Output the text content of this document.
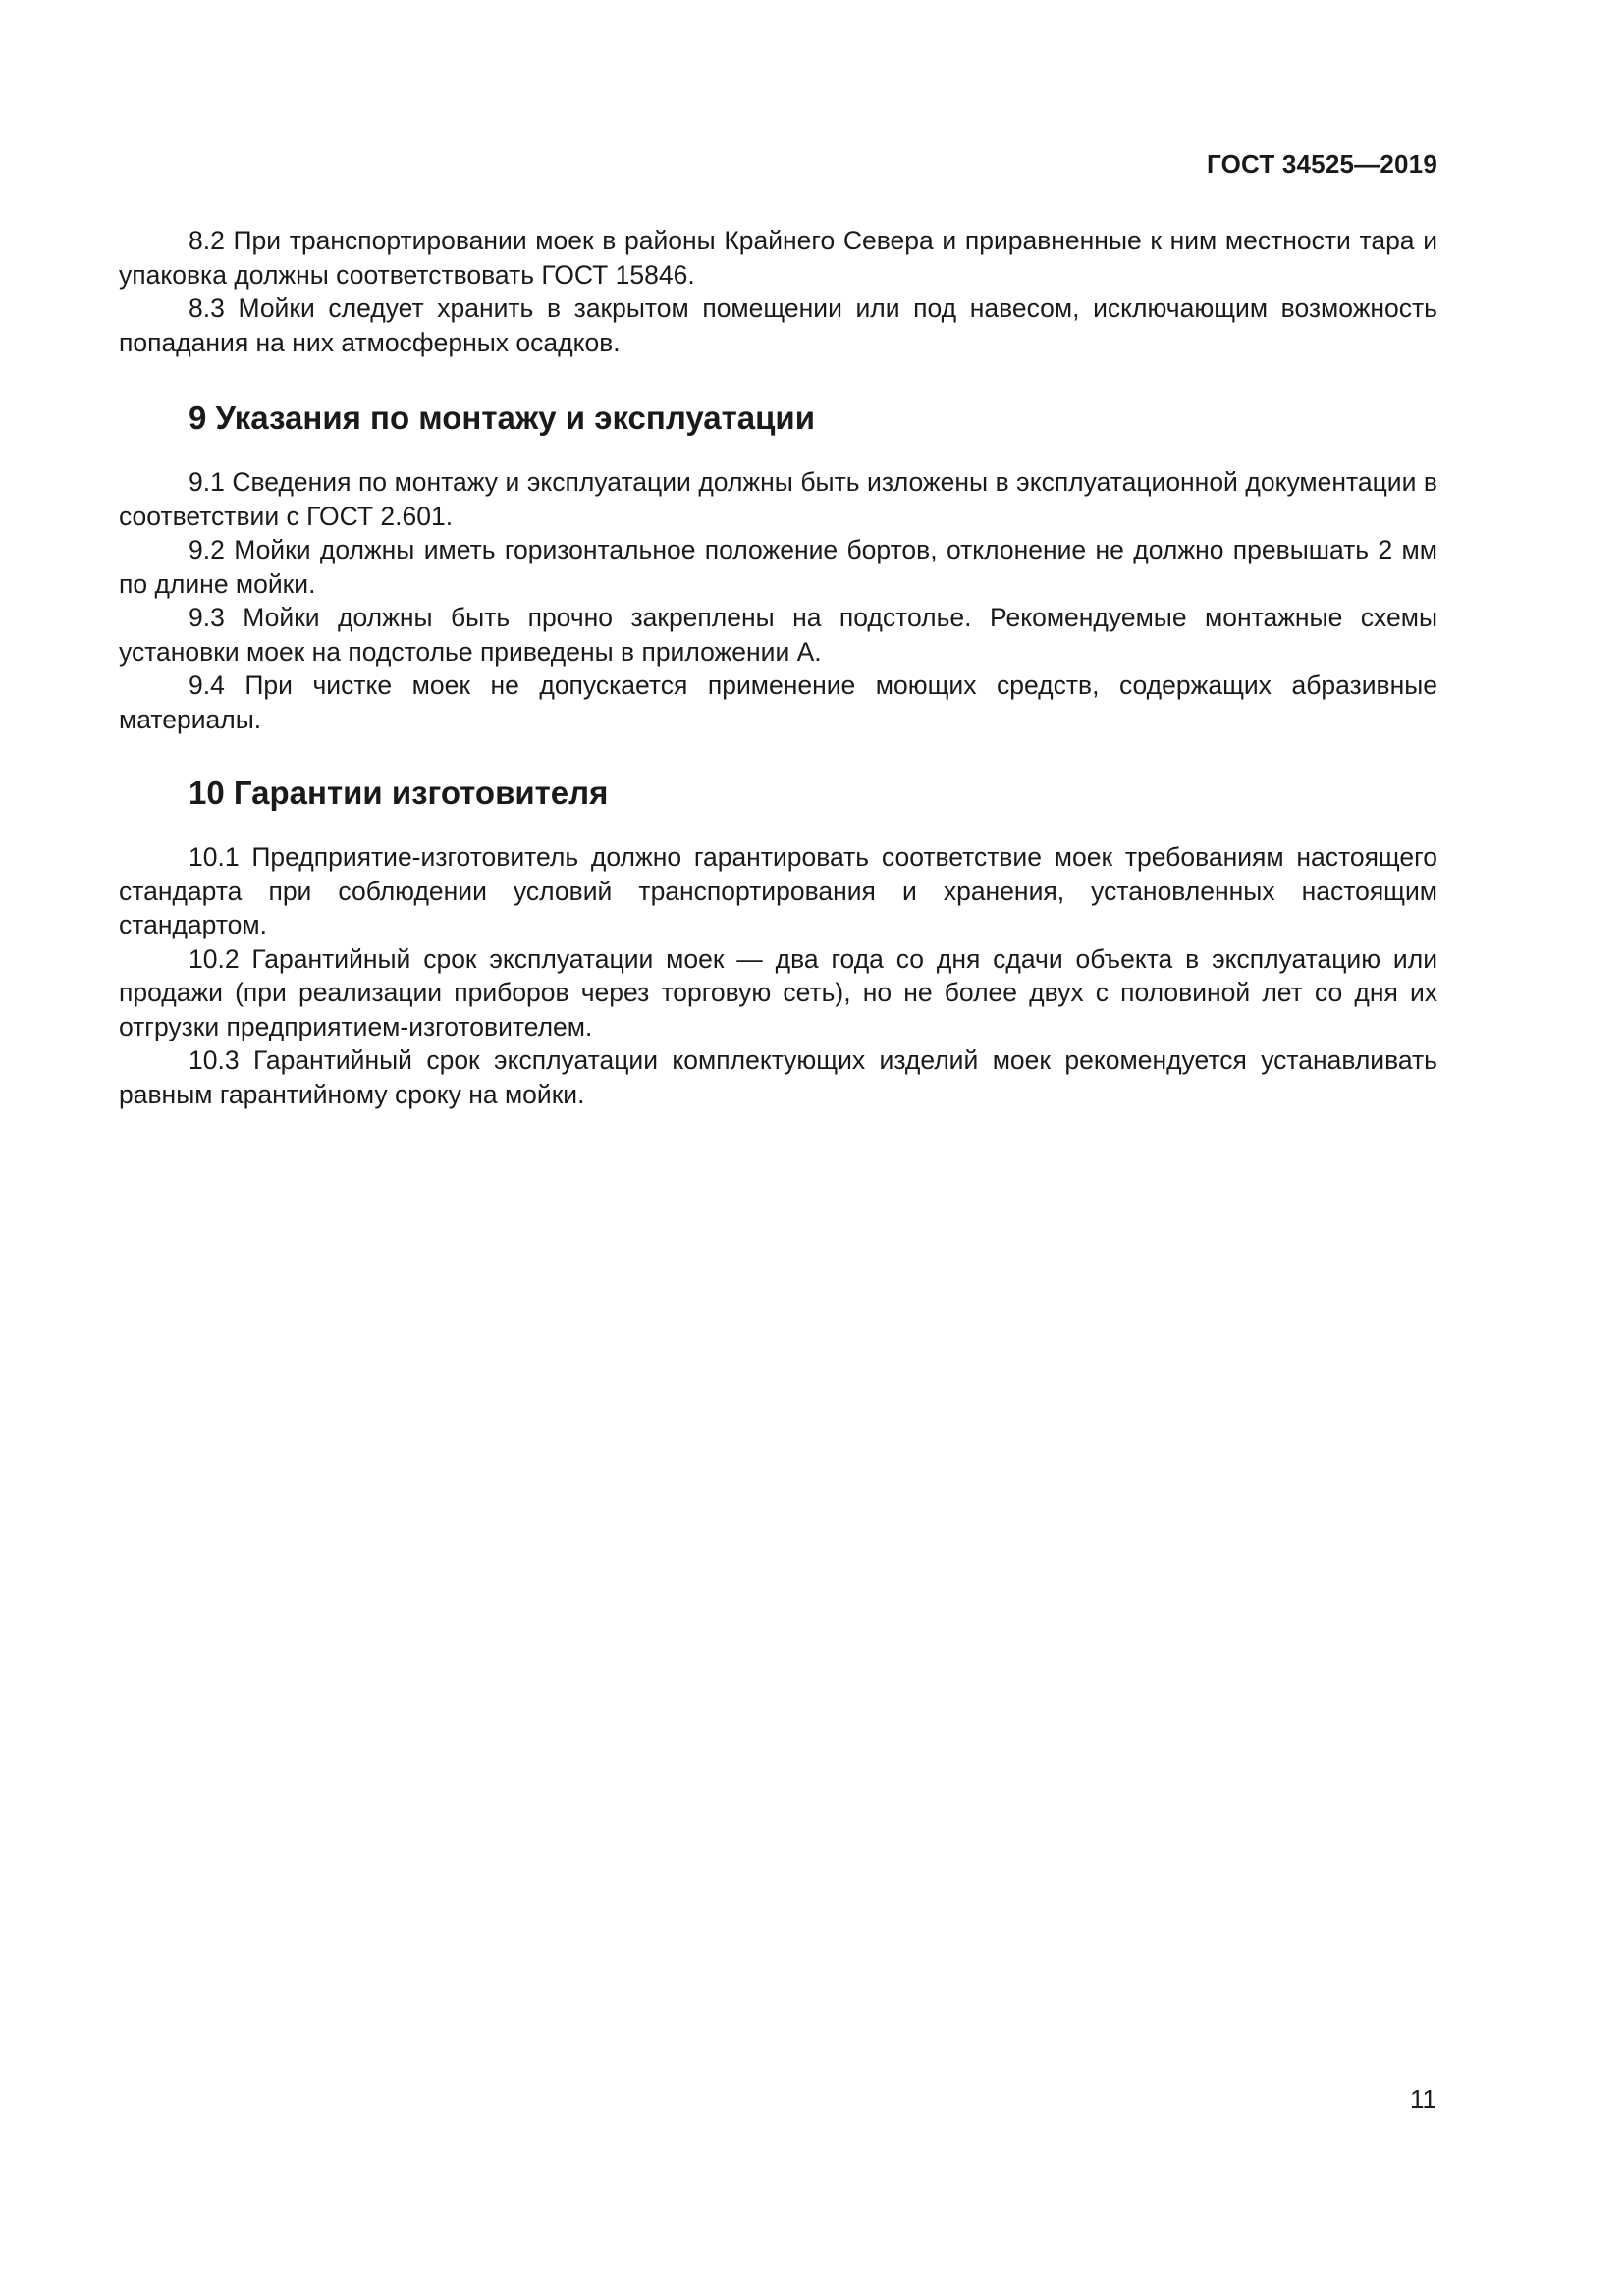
ГОСТ 34525—2019

8.2 При транспортировании моек в районы Крайнего Севера и приравненные к ним местности тара и упаковка должны соответствовать ГОСТ 15846.

8.3 Мойки следует хранить в закрытом помещении или под навесом, исключающим возможность попадания на них атмосферных осадков.

9 Указания по монтажу и эксплуатации

9.1 Сведения по монтажу и эксплуатации должны быть изложены в эксплуатационной документации в соответствии с ГОСТ 2.601.

9.2 Мойки должны иметь горизонтальное положение бортов, отклонение не должно превышать 2 мм по длине мойки.

9.3 Мойки должны быть прочно закреплены на подстолье. Рекомендуемые монтажные схемы установки моек на подстолье приведены в приложении А.

9.4 При чистке моек не допускается применение моющих средств, содержащих абразивные материалы.

10 Гарантии изготовителя

10.1 Предприятие-изготовитель должно гарантировать соответствие моек требованиям настоящего стандарта при соблюдении условий транспортирования и хранения, установленных настоящим стандартом.

10.2 Гарантийный срок эксплуатации моек — два года со дня сдачи объекта в эксплуатацию или продажи (при реализации приборов через торговую сеть), но не более двух с половиной лет со дня их отгрузки предприятием-изготовителем.

10.3 Гарантийный срок эксплуатации комплектующих изделий моек рекомендуется устанавливать равным гарантийному сроку на мойки.

11
